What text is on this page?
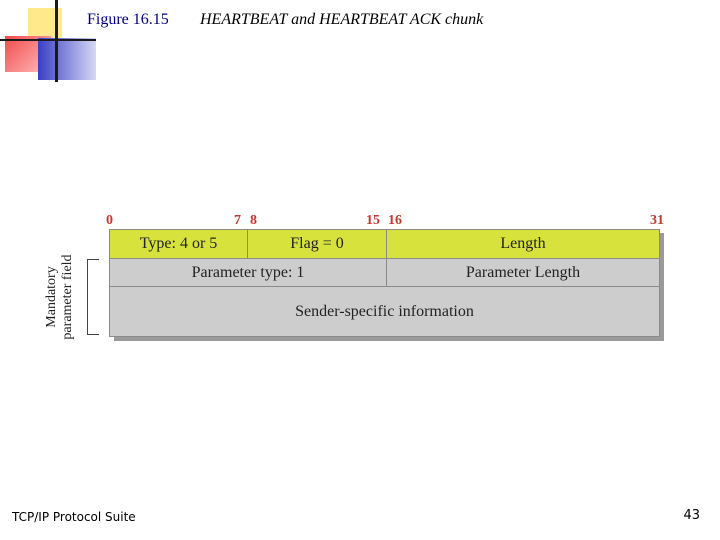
Figure 16.15 HEARTBEAT and HEARTBEAT ACK chunk
0	7 8	15 16	31
Type: 4 or 5	Flag = 0	Length
Parameter type: 1	Parameter Length
Sender-specific information
Mandatory parameter field
TCP/IP Protocol Suite	43
